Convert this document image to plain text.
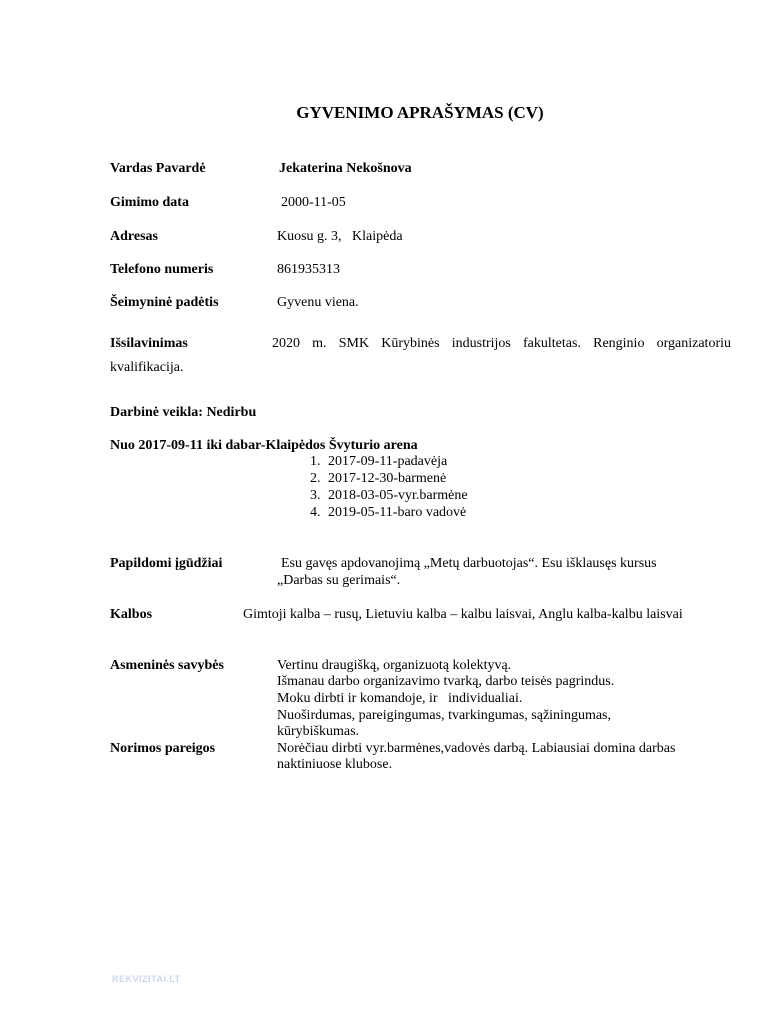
GYVENIMO APRAŠYMAS (CV)
Vardas Pavardė	Jekaterina Nekošnova
Gimimo data	2000-11-05
Adresas	Kuosu g. 3,   Klaipėda
Telefono numeris	861935313
Šeimyninė padėtis	Gyvenu viena.
Išsilavinimas	2020 m. SMK Kūrybinės industrijos fakultetas. Renginio organizatoriu kvalifikacija.
Darbinė veikla: Nedirbu
Nuo 2017-09-11 iki dabar-Klaipėdos Švyturio arena
1. 2017-09-11-padavėja
2. 2017-12-30-barmenė
3. 2018-03-05-vyr.barmėne
4. 2019-05-11-baro vadovė
Papildomi įgūdžiai	Esu gavęs apdovanojimą „Metų darbuotojas“. Esu išklausęs kursus
„Darbas su gerimais“.
Kalbos	Gimtoji kalba – rusų, Lietuviu kalba – kalbu laisvai, Anglu kalba-kalbu laisvai
Asmeninės savybės	Vertinu draugišką, organizuotą kolektyvą.
Išmanau darbo organizavimo tvarką, darbo teisės pagrindus.
Moku dirbti ir komandoje, ir   individualiai.
Nuoširdumas, pareigingumas, tvarkingumas, sąžiningumas,
kūrybiškumas.
Norimos pareigos	Norėčiau dirbti vyr.barmėnes,vadovės darbą. Labiausiai domina darbas
naktiniuose klubose.
REKVIZITAI.LT
